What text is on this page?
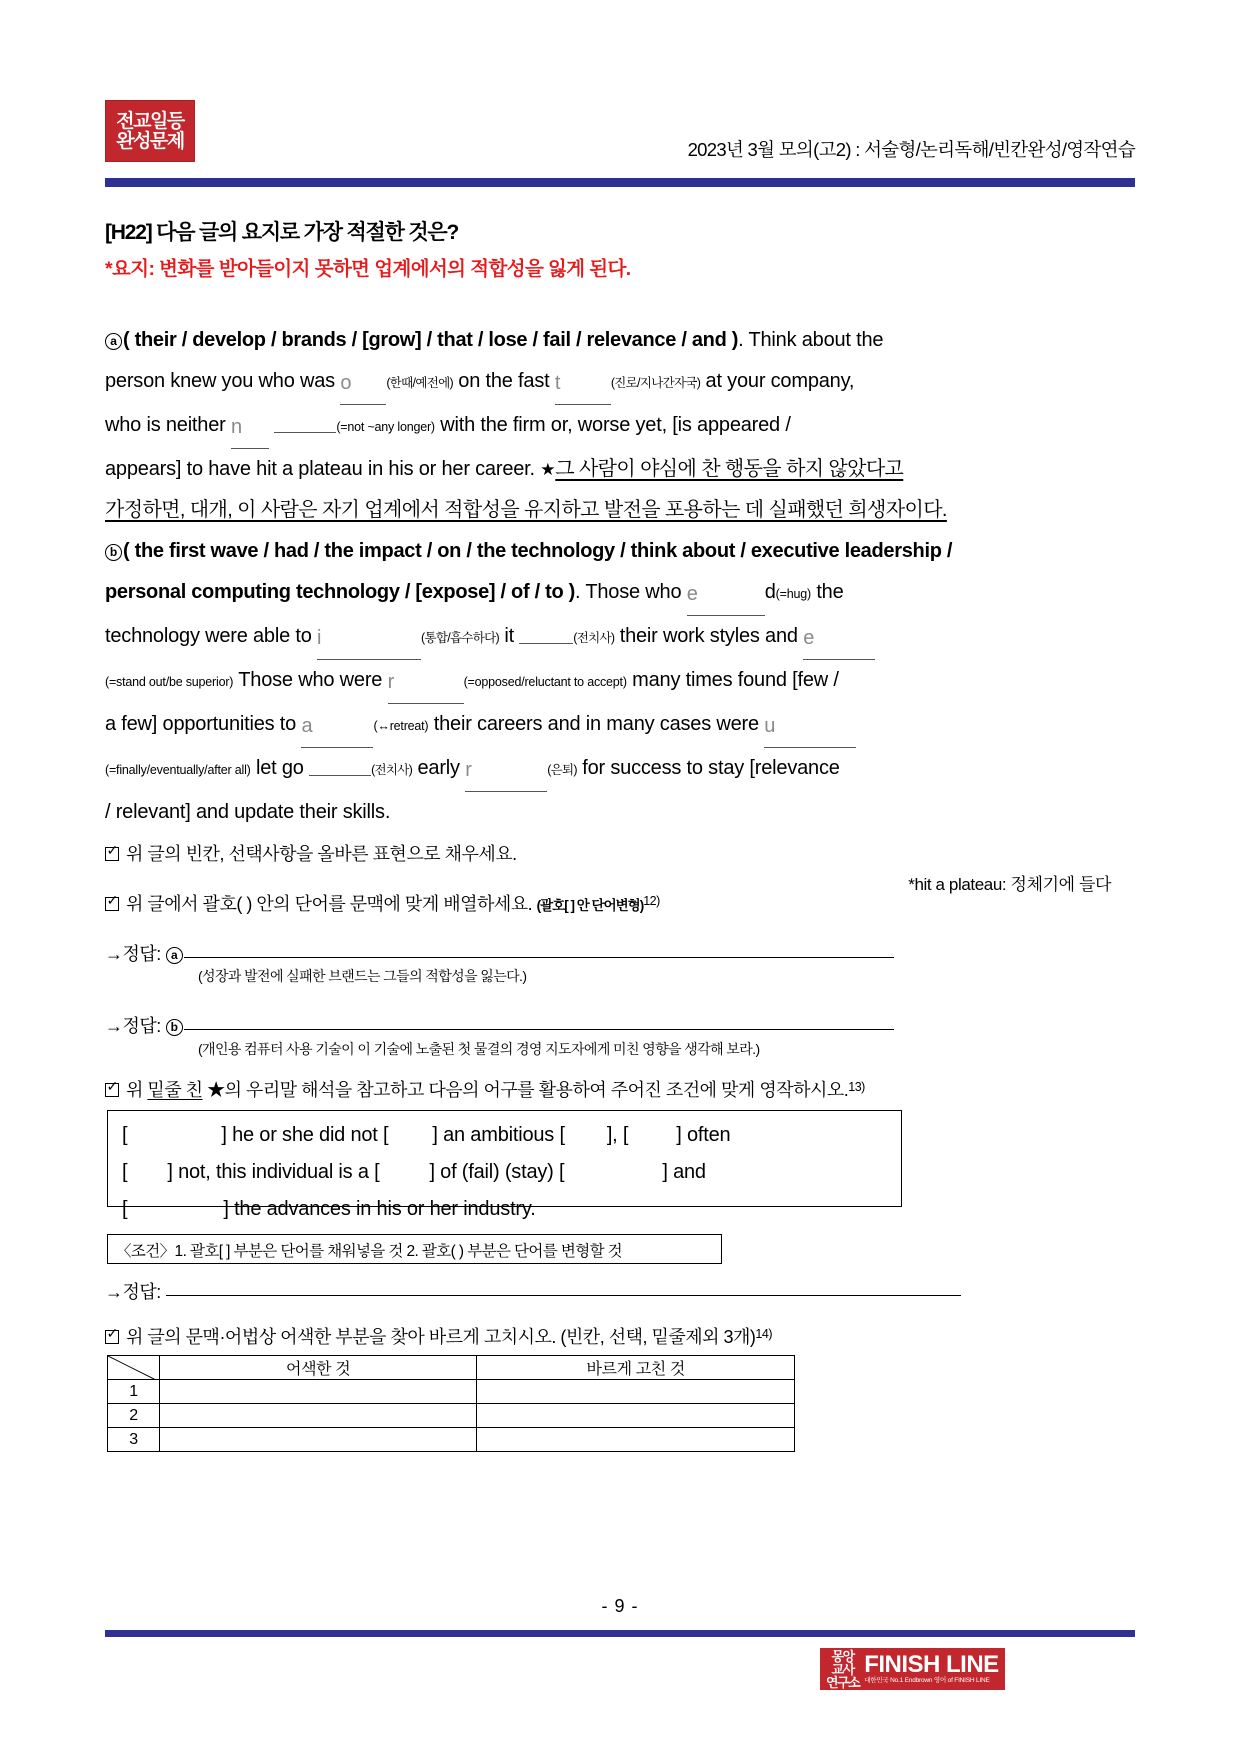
전교일등
완성문제	2023년 3월 모의(고2) : 서술형/논리독해/빈칸완성/영작연습
[H22] 다음 글의 요지로 가장 적절한 것은?
*요지: 변화를 받아들이지 못하면 업계에서의 적합성을 잃게 된다.
a ( their / develop / brands / [grow] / that / lose / fail / relevance / and ). Think about the
person knew you who was o	(한때/예전에) on the fast t	(진로/지나간자국) at your company,
who is neither n	(=not ~any longer) with the firm or, worse yet, [is appeared /
appears] to have hit a plateau in his or her career. ★그 사람이 야심에 찬 행동을 하지 않았다고
가정하면, 대개, 이 사람은 자기 업계에서 적합성을 유지하고 발전을 포용하는 데 실패했던 희생자이다.
b ( the first wave / had / the impact / on / the technology / think about / executive leadership /
personal computing technology / [expose] / of / to ). Those who e	d(=hug) the
technology were able to i	(통합/흡수하다) it	(전치사) their work styles and e
(=stand out/be superior) Those who were r	(=opposed/reluctant to accept) many times found [few /
a few] opportunities to a	(↔retreat) their careers and in many cases were u
(=finally/eventually/after all) let go	(전치사) early r	(은퇴) for success to stay [relevance
/ relevant] and update their skills.
*hit a plateau: 정체기에 들다
✓위 글의 빈칸, 선택사항을 올바른 표현으로 채우세요.
✓위 글에서 괄호( ) 안의 단어를 문맥에 맞게 배열하세요. (괄호[ ] 안 단어변형)$^{12)}$
→정답: a
(성장과 발전에 실패한 브랜드는 그들의 적합성을 잃는다.)
→정답: b
(개인용 컴퓨터 사용 기술이 이 기술에 노출된 첫 물결의 경영 지도자에게 미친 영향을 생각해 보라.)
✓위 밑줄 친 ★의 우리말 해석을 참고하고 다음의 어구를 활용하여 주어진 조건에 맞게 영작하시오.$^{13)}$
[	] he or she did not [ ] an ambitious [ ], [ ] often
[ ] not, this individual is a [	] of (fail) (stay) [	] and
[	] the advances in his or her industry.
〈조건〉1. 괄호[ ] 부분은 단어를 채워넣을 것 2. 괄호( ) 부분은 단어를 변형할 것
→정답:
✓위 글의 문맥·어법상 어색한 부분을 찾아 바르게 고치시오. (빈칸, 선택, 밑줄제외 3개)$^{14)}$
	어색한 것	바르게 고친 것
1		
2		
3		
- 9 -
몽앙
교사
연구소
FINISH LINE
대한민국 No.1 Endbrown 영어 of FINISH LINE
